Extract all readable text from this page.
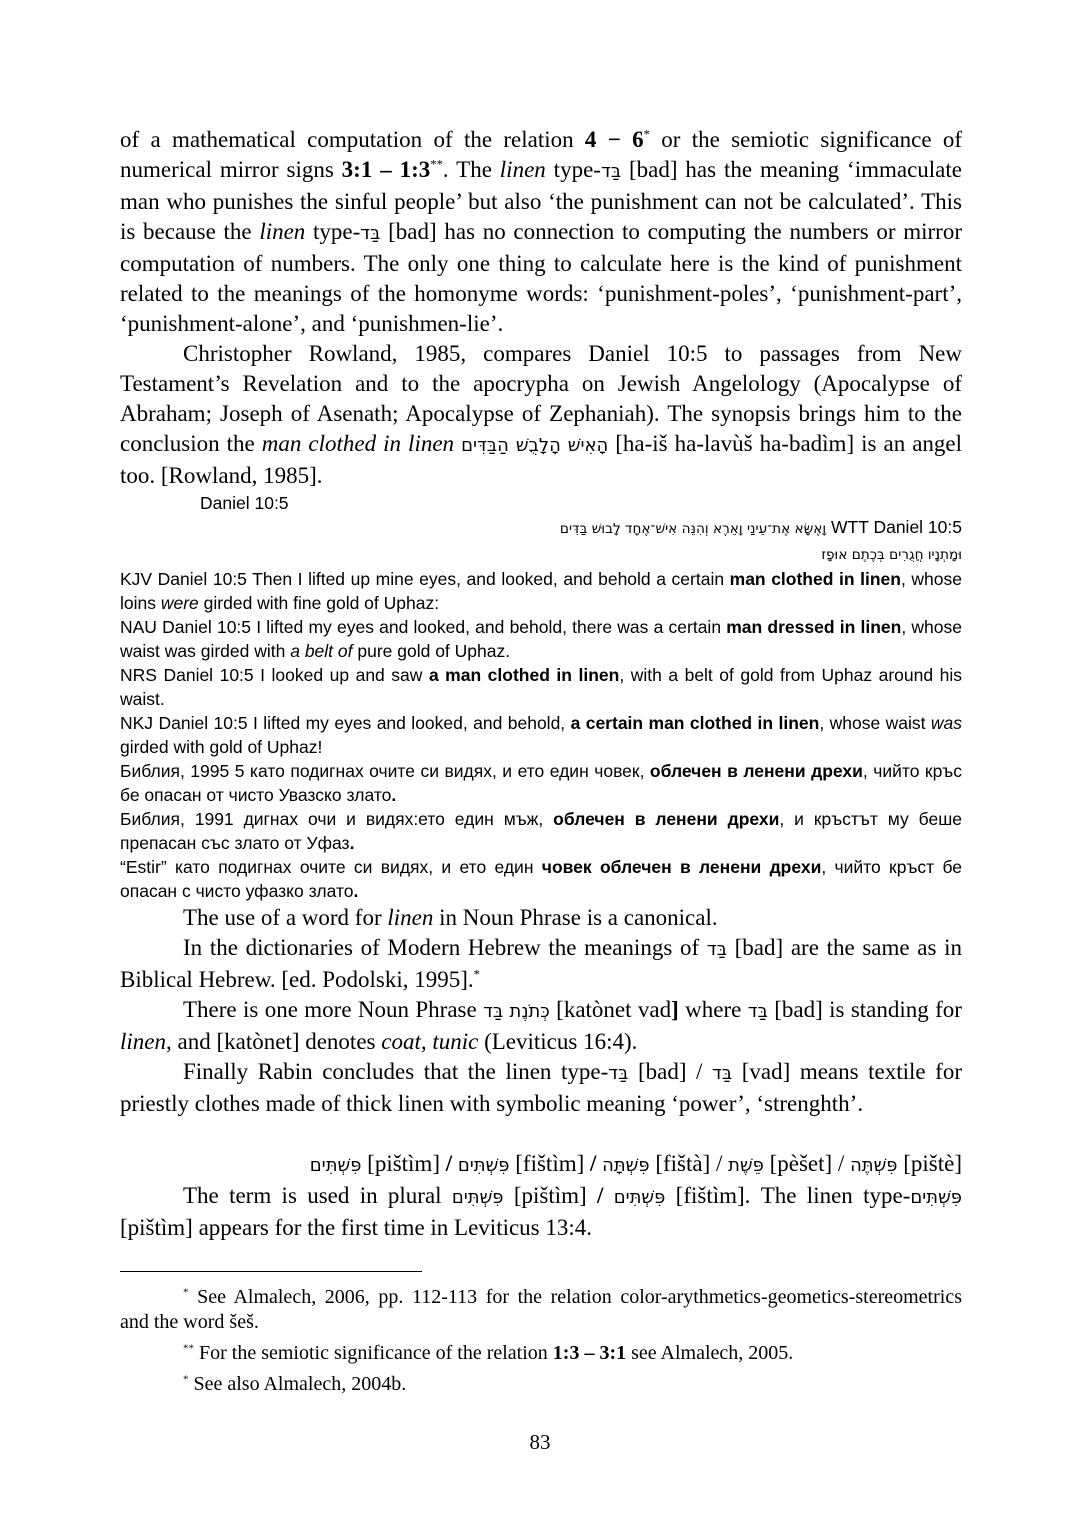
of a mathematical computation of the relation 4 − 6* or the semiotic significance of numerical mirror signs 3:1 – 1:3**. The linen type-בַּד [bad] has the meaning ‘immaculate man who punishes the sinful people’ but also ‘the punishment can not be calculated’. This is because the linen type-בַּד [bad] has no connection to computing the numbers or mirror computation of numbers. The only one thing to calculate here is the kind of punishment related to the meanings of the homonyme words: ‘punishment-poles’, ‘punishment-part’, ‘punishment-alone’, and ‘punishmen-lie’.

Christopher Rowland, 1985, compares Daniel 10:5 to passages from New Testament’s Revelation and to the apocrypha on Jewish Angelology (Apocalypse of Abraham; Joseph of Asenath; Apocalypse of Zephaniah). The synopsis brings him to the conclusion the man clothed in linen הָאִישׁ הָלָבֻשׁ הַבַּדִּים [ha-iš ha-lavùš ha-badìm] is an angel too. [Rowland, 1985].

Daniel 10:5

וָאֶשָּׂא אֶת־עֵינַי וָאֵרֶא וְהִנֵּה אִישׁ־אֶחָד לָבוּשׁ בַּדִּים WTT Daniel 10:5

וּמָתְנָיו חֲגֻרִים בְּכֶתֶם אוּפָז

KJV Daniel 10:5 Then I lifted up mine eyes, and looked, and behold a certain man clothed in linen, whose loins were girded with fine gold of Uphaz:

NAU Daniel 10:5 I lifted my eyes and looked, and behold, there was a certain man dressed in linen, whose waist was girded with a belt of pure gold of Uphaz.

NRS Daniel 10:5 I looked up and saw a man clothed in linen, with a belt of gold from Uphaz around his waist.

NKJ Daniel 10:5 I lifted my eyes and looked, and behold, a certain man clothed in linen, whose waist was girded with gold of Uphaz!

Библия, 1995 5 като подигнах очите си видях, и ето един човек, облечен в ленени дрехи, чийто кръс бе опасан от чисто Увазско злато.

Библия, 1991 дигнах очи и видях:ето един мъж, облечен в ленени дрехи, и кръстът му беше препасан със злато от Уфаз.

“Estir” като подигнах очите си видях, и ето един човек облечен в ленени дрехи, чийто кръст бе опасан с чисто уфазко злато.

The use of a word for linen in Noun Phrase is a canonical.

In the dictionaries of Modern Hebrew the meanings of בַּד [bad] are the same as in Biblical Hebrew. [ed. Podolski, 1995].*

There is one more Noun Phrase כְּתֹנֶת בַּד [katònet vad] where בַּד [bad] is standing for linen, and [katònet] denotes coat, tunic (Leviticus 16:4).

Finally Rabin concludes that the linen type-בַּד [bad] / בַּד [vad] means textile for priestly clothes made of thick linen with symbolic meaning ‘power’, ‘strenghth’.

פִּשְׁתִּים [pištìm] / פִּשְׁתִּים [fištìm] / פִּשְׁתָּה [fištà] / פֵּשֶׁת [pèšet] / פִּשְׁתֶּה [pištè]

The term is used in plural פִּשְׁתִּים [pištìm] / פִּשְׁתִּים [fištìm]. The linen type-פִּשְׁתִּים [pištìm] appears for the first time in Leviticus 13:4.

* See Almalech, 2006, pp. 112-113 for the relation color-arythmetics-geometics-stereometrics and the word šeš.

** For the semiotic significance of the relation 1:3 – 3:1 see Almalech, 2005.

* See also Almalech, 2004b.

83
